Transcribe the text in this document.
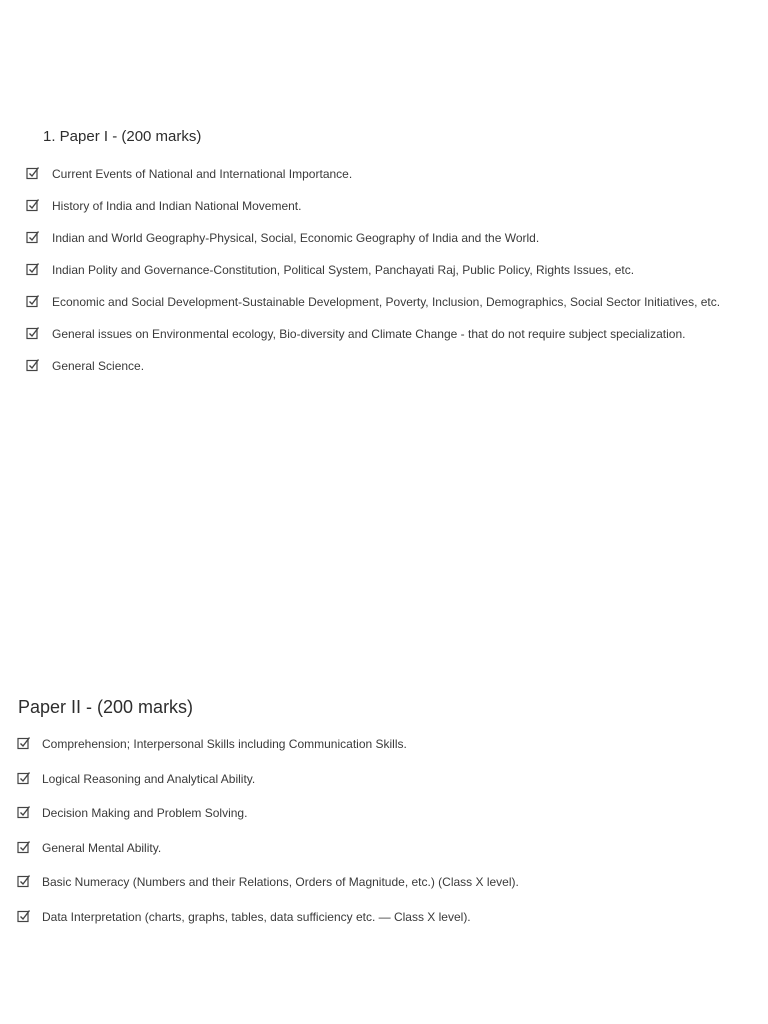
1. Paper I - (200 marks)
Current Events of National and International Importance.
History of India and Indian National Movement.
Indian and World Geography-Physical, Social, Economic Geography of India and the World.
Indian Polity and Governance-Constitution, Political System, Panchayati Raj, Public Policy, Rights Issues, etc.
Economic and Social Development-Sustainable Development, Poverty, Inclusion, Demographics, Social Sector Initiatives, etc.
General issues on Environmental ecology, Bio-diversity and Climate Change - that do not require subject specialization.
General Science.
Paper II - (200 marks)
Comprehension; Interpersonal Skills including Communication Skills.
Logical Reasoning and Analytical Ability.
Decision Making and Problem Solving.
General Mental Ability.
Basic Numeracy (Numbers and their Relations, Orders of Magnitude, etc.) (Class X level).
Data Interpretation (charts, graphs, tables, data sufficiency etc. — Class X level).
